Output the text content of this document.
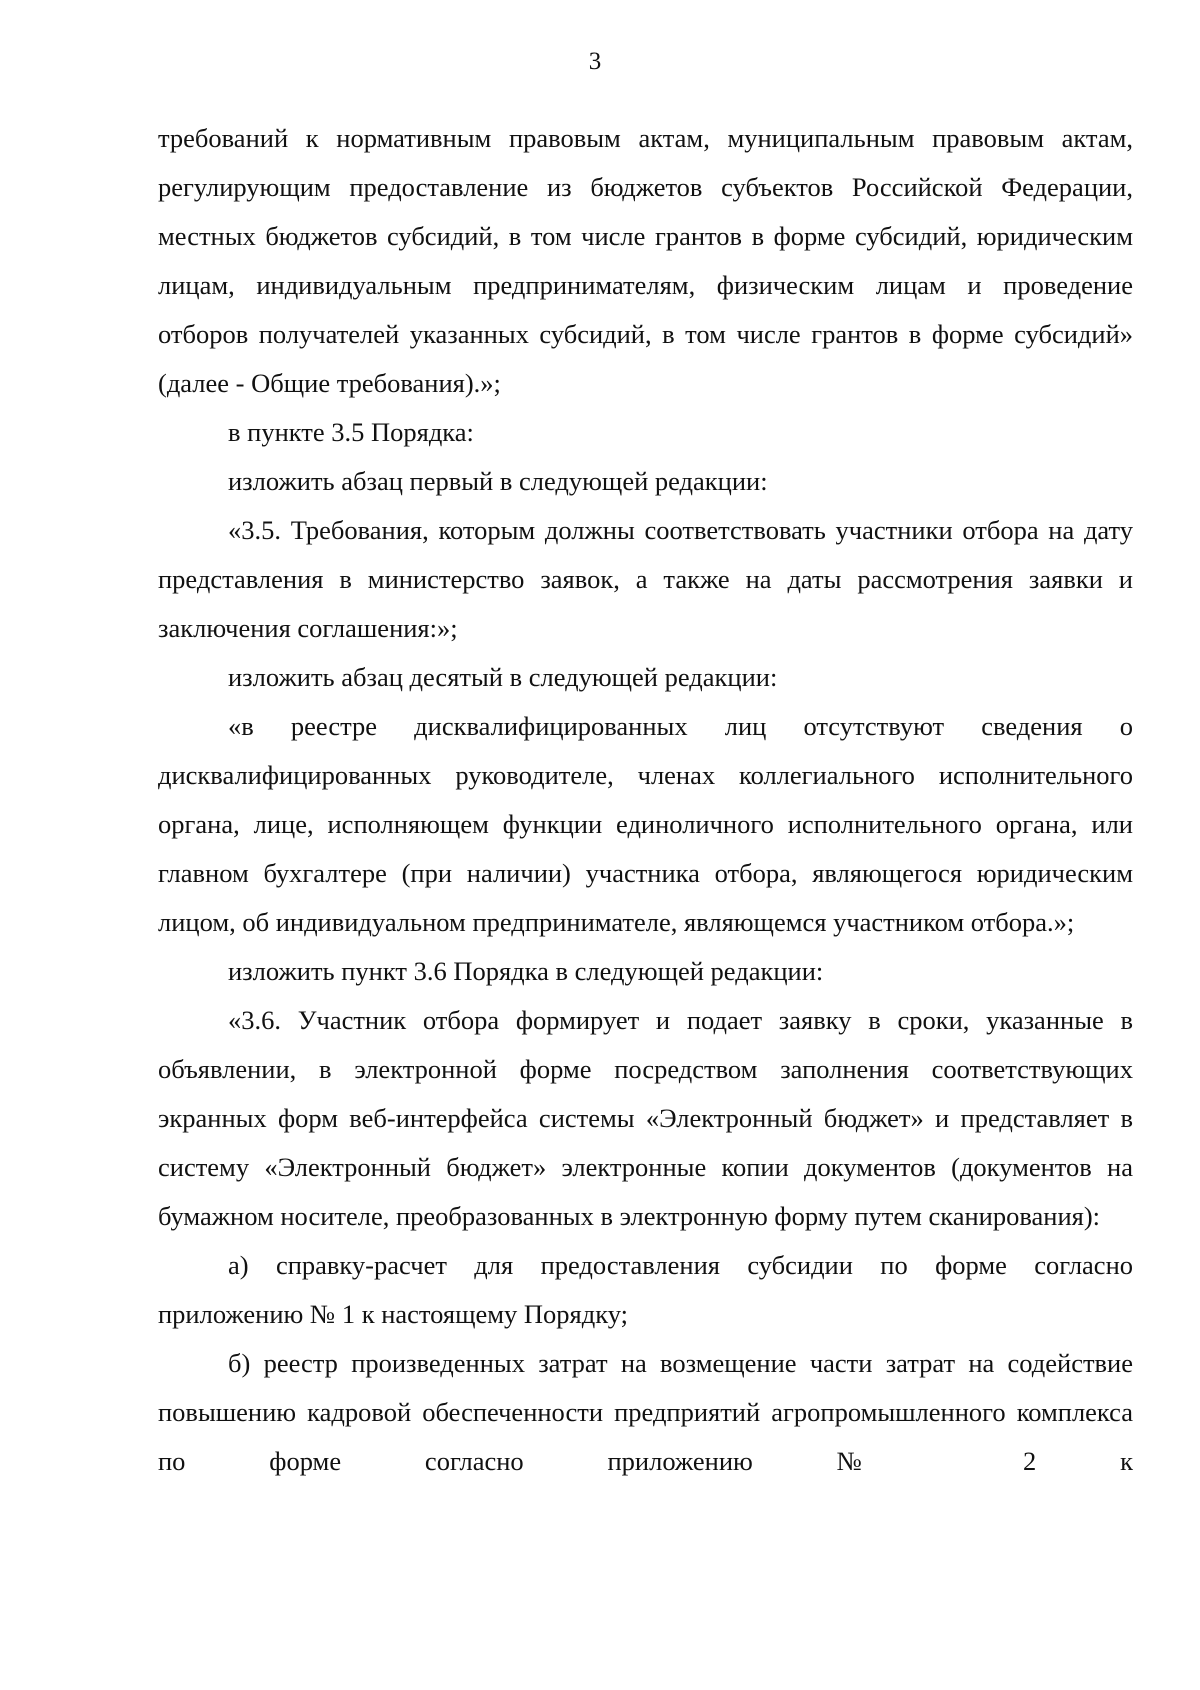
3

требований к нормативным правовым актам, муниципальным правовым актам, регулирующим предоставление из бюджетов субъектов Российской Федерации, местных бюджетов субсидий, в том числе грантов в форме субсидий, юридическим лицам, индивидуальным предпринимателям, физическим лицам и проведение отборов получателей указанных субсидий, в том числе грантов в форме субсидий» (далее - Общие требования).»;

в пункте 3.5 Порядка:

изложить абзац первый в следующей редакции:

«3.5. Требования, которым должны соответствовать участники отбора на дату представления в министерство заявок, а также на даты рассмотрения заявки и заключения соглашения:»;

изложить абзац десятый в следующей редакции:

«в реестре дисквалифицированных лиц отсутствуют сведения о дисквалифицированных руководителе, членах коллегиального исполнительного органа, лице, исполняющем функции единоличного исполнительного органа, или главном бухгалтере (при наличии) участника отбора, являющегося юридическим лицом, об индивидуальном предпринимателе, являющемся участником отбора.»;

изложить пункт 3.6 Порядка в следующей редакции:

«3.6. Участник отбора формирует и подает заявку в сроки, указанные в объявлении, в электронной форме посредством заполнения соответствующих экранных форм веб-интерфейса системы «Электронный бюджет» и представляет в систему «Электронный бюджет» электронные копии документов (документов на бумажном носителе, преобразованных в электронную форму путем сканирования):

а) справку-расчет для предоставления субсидии по форме согласно приложению № 1 к настоящему Порядку;

б) реестр произведенных затрат на возмещение части затрат на содействие повышению кадровой обеспеченности предприятий агропромышленного комплекса по форме согласно приложению № 2 к
